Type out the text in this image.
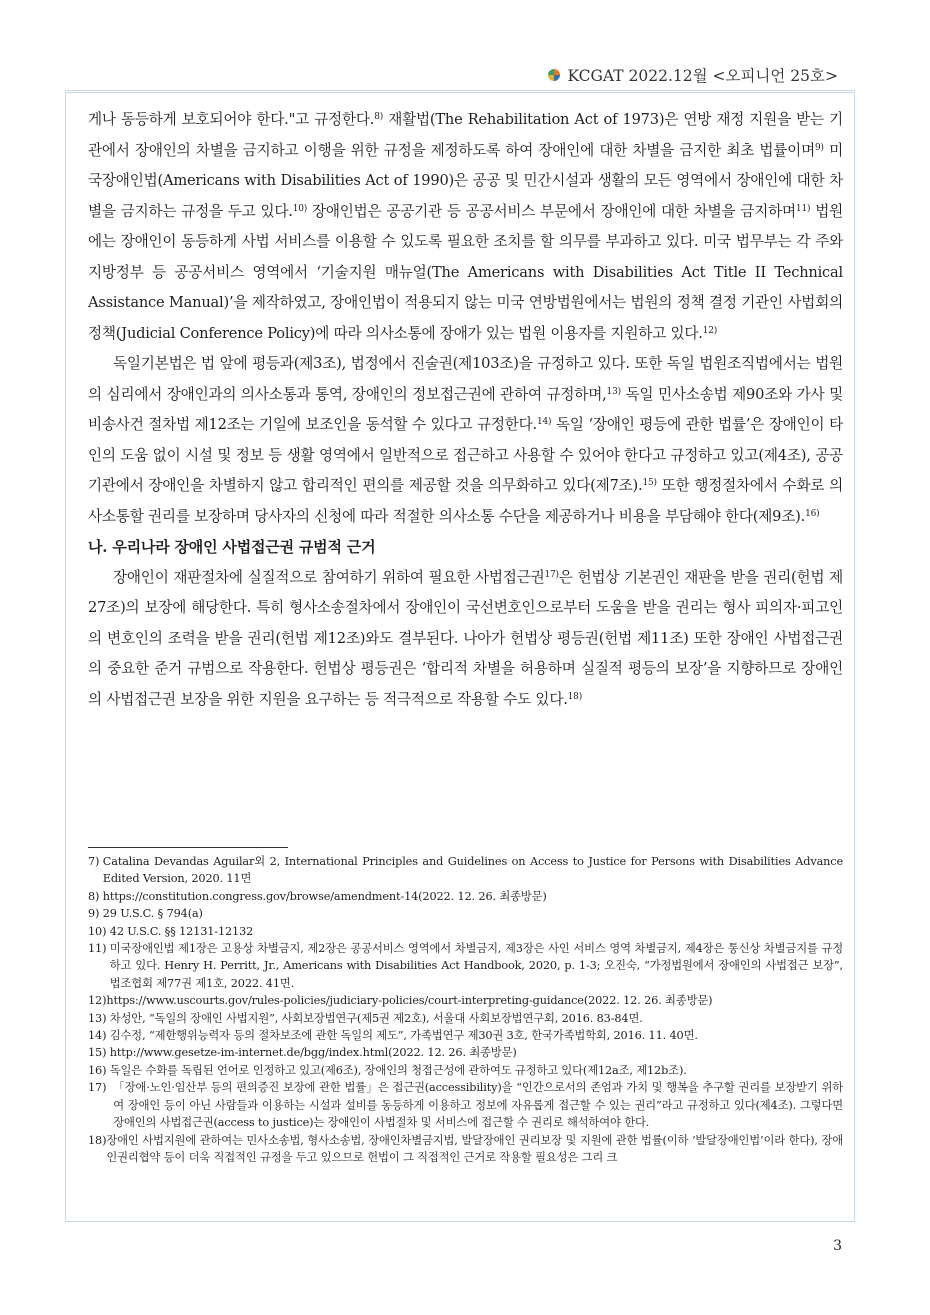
KCGAT 2022.12월 <오피니언 25호>

게나 동등하게 보호되어야 한다."고 규정한다.$^{8)}$ 재활법(The Rehabilitation Act of 1973)은 연방 재정 지원을 받는 기관에서 장애인의 차별을 금지하고 이행을 위한 규정을 제정하도록 하여 장애인에 대한 차별을 금지한 최초 법률이며$^{9)}$ 미국장애인법(Americans with Disabilities Act of 1990)은 공공 및 민간시설과 생활의 모든 영역에서 장애인에 대한 차별을 금지하는 규정을 두고 있다.$^{10)}$ 장애인법은 공공기관 등 공공서비스 부문에서 장애인에 대한 차별을 금지하며$^{11)}$ 법원에는 장애인이 동등하게 사법 서비스를 이용할 수 있도록 필요한 조치를 할 의무를 부과하고 있다. 미국 법무부는 각 주와 지방정부 등 공공서비스 영역에서 ‘기술지원 매뉴얼(The Americans with Disabilities Act Title II Technical Assistance Manual)’을 제작하였고, 장애인법이 적용되지 않는 미국 연방법원에서는 법원의 정책 결정 기관인 사법회의 정책(Judicial Conference Policy)에 따라 의사소통에 장애가 있는 법원 이용자를 지원하고 있다.$^{12)}$

독일기본법은 법 앞에 평등과(제3조), 법정에서 진술권(제103조)을 규정하고 있다. 또한 독일 법원조직법에서는 법원의 심리에서 장애인과의 의사소통과 통역, 장애인의 정보접근권에 관하여 규정하며,$^{13)}$ 독일 민사소송법 제90조와 가사 및 비송사건 절차법 제12조는 기일에 보조인을 동석할 수 있다고 규정한다.$^{14)}$ 독일 ‘장애인 평등에 관한 법률’은 장애인이 타인의 도움 없이 시설 및 정보 등 생활 영역에서 일반적으로 접근하고 사용할 수 있어야 한다고 규정하고 있고(제4조), 공공기관에서 장애인을 차별하지 않고 합리적인 편의를 제공할 것을 의무화하고 있다(제7조).$^{15)}$ 또한 행정절차에서 수화로 의사소통할 권리를 보장하며 당사자의 신청에 따라 적절한 의사소통 수단을 제공하거나 비용을 부담해야 한다(제9조).$^{16)}$

나. 우리나라 장애인 사법접근권 규범적 근거

장애인이 재판절차에 실질적으로 참여하기 위하여 필요한 사법접근권$^{17)}$은 헌법상 기본권인 재판을 받을 권리(헌법 제27조)의 보장에 해당한다. 특히 형사소송절차에서 장애인이 국선변호인으로부터 도움을 받을 권리는 형사 피의자·피고인의 변호인의 조력을 받을 권리(헌법 제12조)와도 결부된다. 나아가 헌법상 평등권(헌법 제11조) 또한 장애인 사법접근권의 중요한 준거 규범으로 작용한다. 헌법상 평등권은 ‘합리적 차별을 허용하며 실질적 평등의 보장’을 지향하므로 장애인의 사법접근권 보장을 위한 지원을 요구하는 등 적극적으로 작용할 수도 있다.$^{18)}$

7) Catalina Devandas Aguilar외 2, International Principles and Guidelines on Access to Justice for Persons with Disabilities Advance Edited Version, 2020. 11면
8) https://constitution.congress.gov/browse/amendment-14(2022. 12. 26. 최종방문)
9) 29 U.S.C. § 794(a)
10) 42 U.S.C. §§ 12131-12132
11) 미국장애인법 제1장은 고용상 차별금지, 제2장은 공공서비스 영역에서 차별금지, 제3장은 사인 서비스 영역 차별금지, 제4장은 통신상 차별금지를 규정하고 있다. Henry H. Perritt, Jr., Americans with Disabilities Act Handbook, 2020, p. 1-3; 오진숙, “가정법원에서 장애인의 사법접근 보장”, 법조협회 제77권 제1호, 2022. 41면.
12) https://www.uscourts.gov/rules-policies/judiciary-policies/court-interpreting-guidance(2022. 12. 26. 최종방문)
13) 차성안, “독일의 장애인 사법지원”, 사회보장법연구(제5권 제2호), 서울대 사회보장법연구회, 2016. 83-84면.
14) 김수정, “제한행위능력자 등의 절차보조에 관한 독일의 제도”, 가족법연구 제30권 3호, 한국가족법학회, 2016. 11. 40면.
15) http://www.gesetze-im-internet.de/bgg/index.html(2022. 12. 26. 최종방문)
16) 독일은 수화를 독립된 언어로 인정하고 있고(제6조), 장애인의 청접근성에 관하여도 규정하고 있다(제12a조, 제12b조).
17) 「장애·노인·임산부 등의 편의증진 보장에 관한 법률」은 접근권(accessibility)을 “인간으로서의 존엄과 가치 및 행복을 추구할 권리를 보장받기 위하여 장애인 등이 아닌 사람들과 이용하는 시설과 설비를 동등하게 이용하고 정보에 자유롭게 접근할 수 있는 권리”라고 규정하고 있다(제4조). 그렇다면 장애인의 사법접근권(access to justice)는 장애인이 사법절차 및 서비스에 접근할 수 권리로 해석하여야 한다.
18) 장애인 사법지원에 관하여는 민사소송법, 형사소송법, 장애인차별금지법, 발달장애인 권리보장 및 지원에 관한 법률(이하 ‘발달장애인법’이라 한다), 장애인권리협약 등이 더욱 직접적인 규정을 두고 있으므로 헌법이 그 직접적인 근거로 작용할 필요성은 그리 크
3
